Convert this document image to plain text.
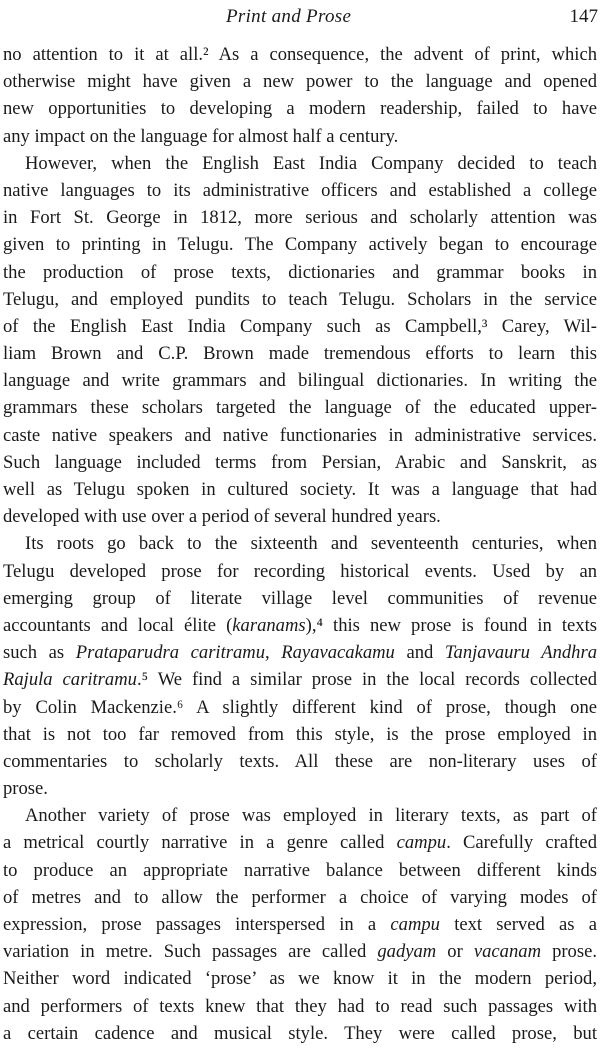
Print and Prose	147
no attention to it at all.² As a consequence, the advent of print, which
otherwise might have given a new power to the language and opened
new opportunities to developing a modern readership, failed to have
any impact on the language for almost half a century.
However, when the English East India Company decided to teach
native languages to its administrative officers and established a college
in Fort St. George in 1812, more serious and scholarly attention was
given to printing in Telugu. The Company actively began to encourage
the production of prose texts, dictionaries and grammar books in
Telugu, and employed pundits to teach Telugu. Scholars in the service
of the English East India Company such as Campbell,³ Carey, Wil-
liam Brown and C.P. Brown made tremendous efforts to learn this
language and write grammars and bilingual dictionaries. In writing the
grammars these scholars targeted the language of the educated upper-
caste native speakers and native functionaries in administrative services.
Such language included terms from Persian, Arabic and Sanskrit, as
well as Telugu spoken in cultured society. It was a language that had
developed with use over a period of several hundred years.
Its roots go back to the sixteenth and seventeenth centuries, when
Telugu developed prose for recording historical events. Used by an
emerging group of literate village level communities of revenue
accountants and local élite (karanams),⁴ this new prose is found in texts
such as Prataparudra caritramu, Rayavacakamu and Tanjavauru Andhra
Rajula caritramu.⁵ We find a similar prose in the local records collected
by Colin Mackenzie.⁶ A slightly different kind of prose, though one
that is not too far removed from this style, is the prose employed in
commentaries to scholarly texts. All these are non-literary uses of
prose.
Another variety of prose was employed in literary texts, as part of
a metrical courtly narrative in a genre called campu. Carefully crafted
to produce an appropriate narrative balance between different kinds
of metres and to allow the performer a choice of varying modes of
expression, prose passages interspersed in a campu text served as a
variation in metre. Such passages are called gadyam or vacanam prose.
Neither word indicated ‘prose’ as we know it in the modern period,
and performers of texts knew that they had to read such passages with
a certain cadence and musical style. They were called prose, but
